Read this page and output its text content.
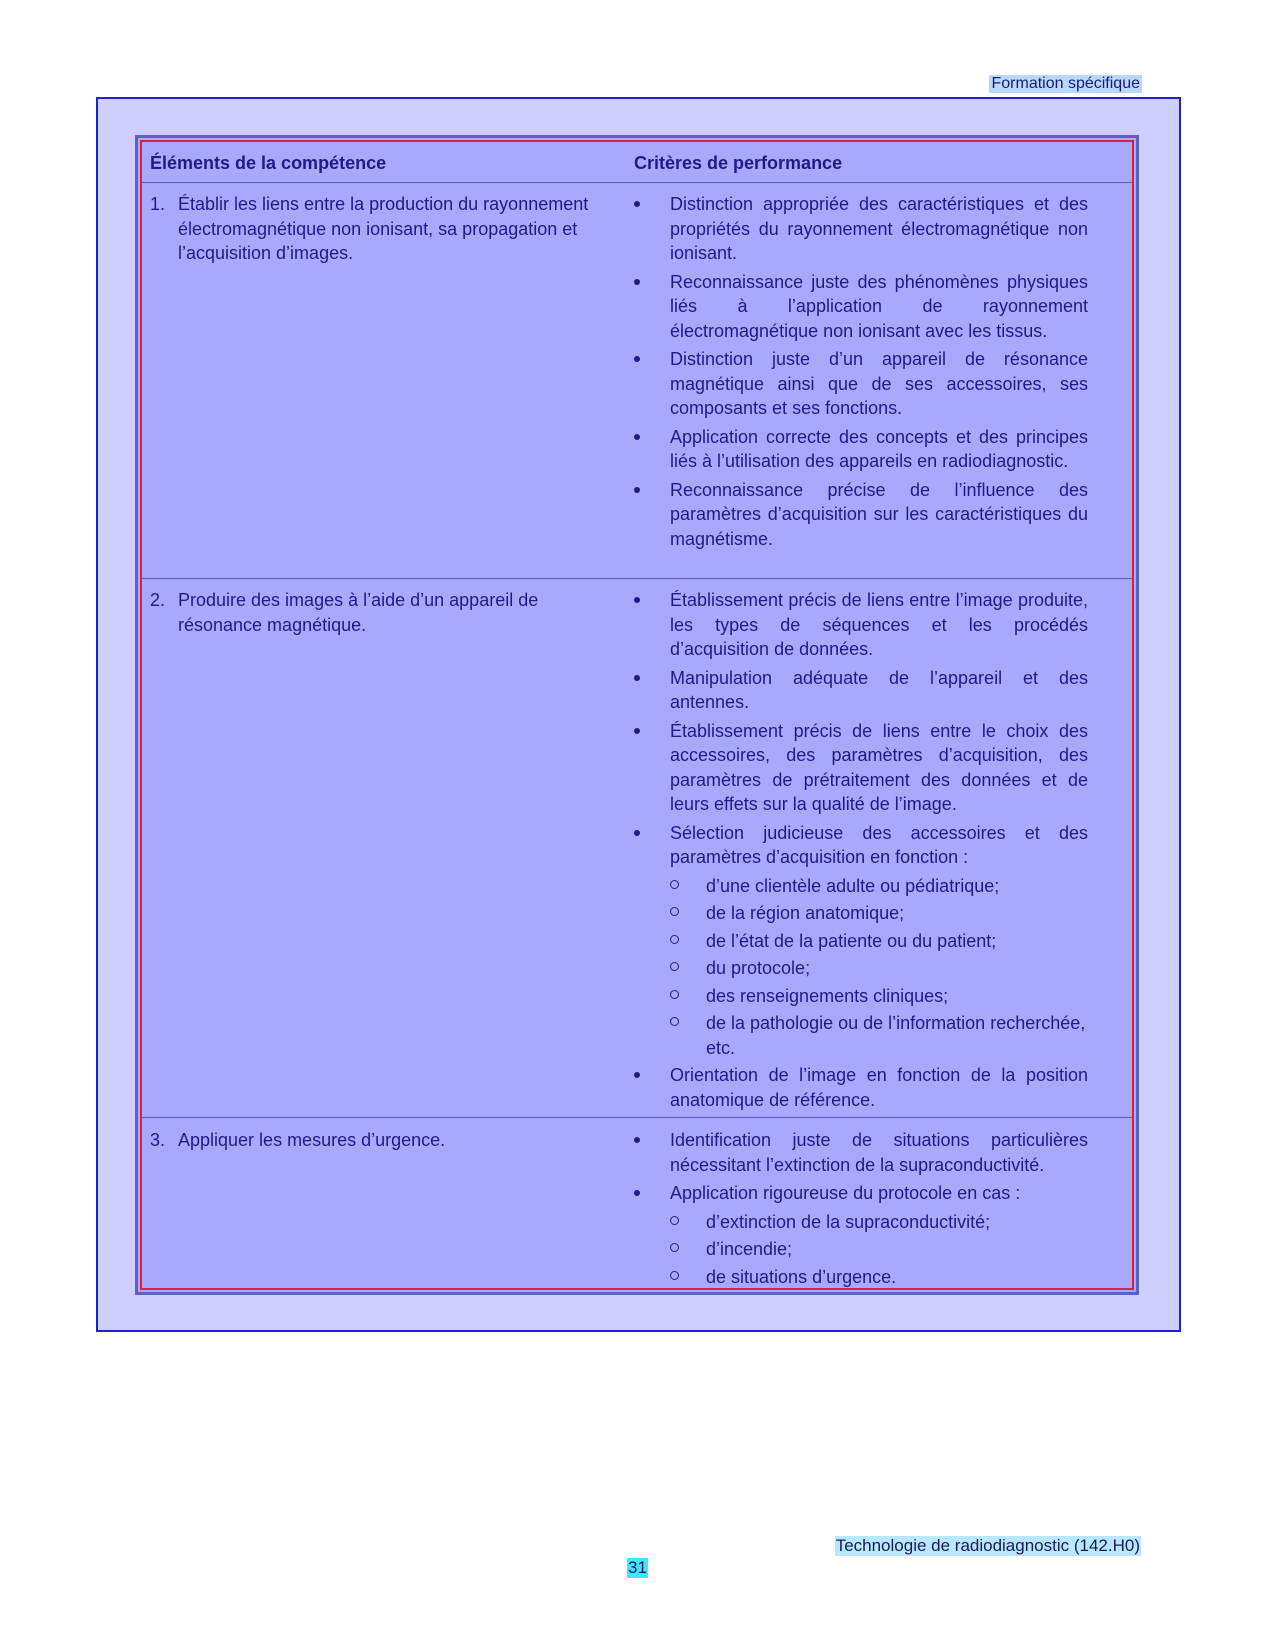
Formation spécifique
Éléments de la compétence	Critères de performance
1. Établir les liens entre la production du rayonnement électromagnétique non ionisant, sa propagation et l’acquisition d’images.
Distinction appropriée des caractéristiques et des propriétés du rayonnement électromagnétique non ionisant.
Reconnaissance juste des phénomènes physiques liés à l’application de rayonnement électromagnétique non ionisant avec les tissus.
Distinction juste d’un appareil de résonance magnétique ainsi que de ses accessoires, ses composants et ses fonctions.
Application correcte des concepts et des principes liés à l’utilisation des appareils en radiodiagnostic.
Reconnaissance précise de l’influence des paramètres d’acquisition sur les caractéristiques du magnétisme.
2. Produire des images à l’aide d’un appareil de résonance magnétique.
Établissement précis de liens entre l’image produite, les types de séquences et les procédés d’acquisition de données.
Manipulation adéquate de l’appareil et des antennes.
Établissement précis de liens entre le choix des accessoires, des paramètres d’acquisition, des paramètres de prétraitement des données et de leurs effets sur la qualité de l’image.
Sélection judicieuse des accessoires et des paramètres d’acquisition en fonction :
d’une clientèle adulte ou pédiatrique;
de la région anatomique;
de l’état de la patiente ou du patient;
du protocole;
des renseignements cliniques;
de la pathologie ou de l’information recherchée, etc.
Orientation de l’image en fonction de la position anatomique de référence.
3. Appliquer les mesures d’urgence.	Identification juste de situations particulières nécessitant l’extinction de la supraconductivité.
Application rigoureuse du protocole en cas :
d’extinction de la supraconductivité;
d’incendie;
de situations d’urgence.
Technologie de radiodiagnostic (142.H0)
31
